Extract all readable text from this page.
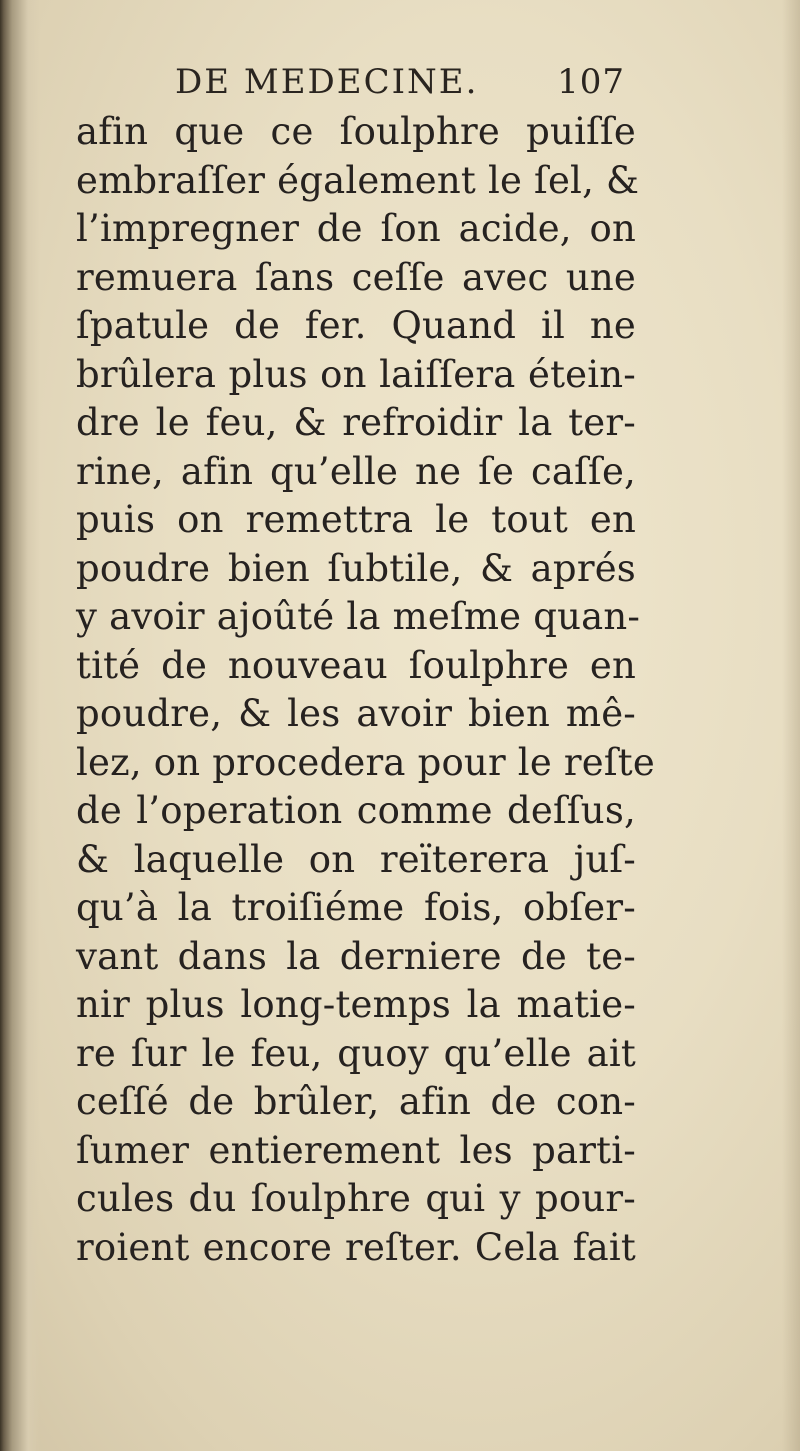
DE MEDECINE. 107
afin que ce ſoulphre puiſſe
embraſſer également le ſel, &
l’impregner de ſon acide, on
remuera ſans ceſſe avec une
ſpatule de fer. Quand il ne
brûlera plus on laiſſera étein-
dre le feu, & refroidir la ter-
rine, afin qu’elle ne ſe caſſe,
puis on remettra le tout en
poudre bien ſubtile, & aprés
y avoir ajoûté la meſme quan-
tité de nouveau ſoulphre en
poudre, & les avoir bien mê-
lez, on procedera pour le reſte
de l’operation comme deſſus,
& laquelle on reïterera juſ-
qu’à la troiſiéme fois, obſer-
vant dans la derniere de te-
nir plus long-temps la matie-
re ſur le feu, quoy qu’elle ait
ceſſé de brûler, afin de con-
ſumer entierement les parti-
cules du ſoulphre qui y pour-
roient encore reſter. Cela fait
